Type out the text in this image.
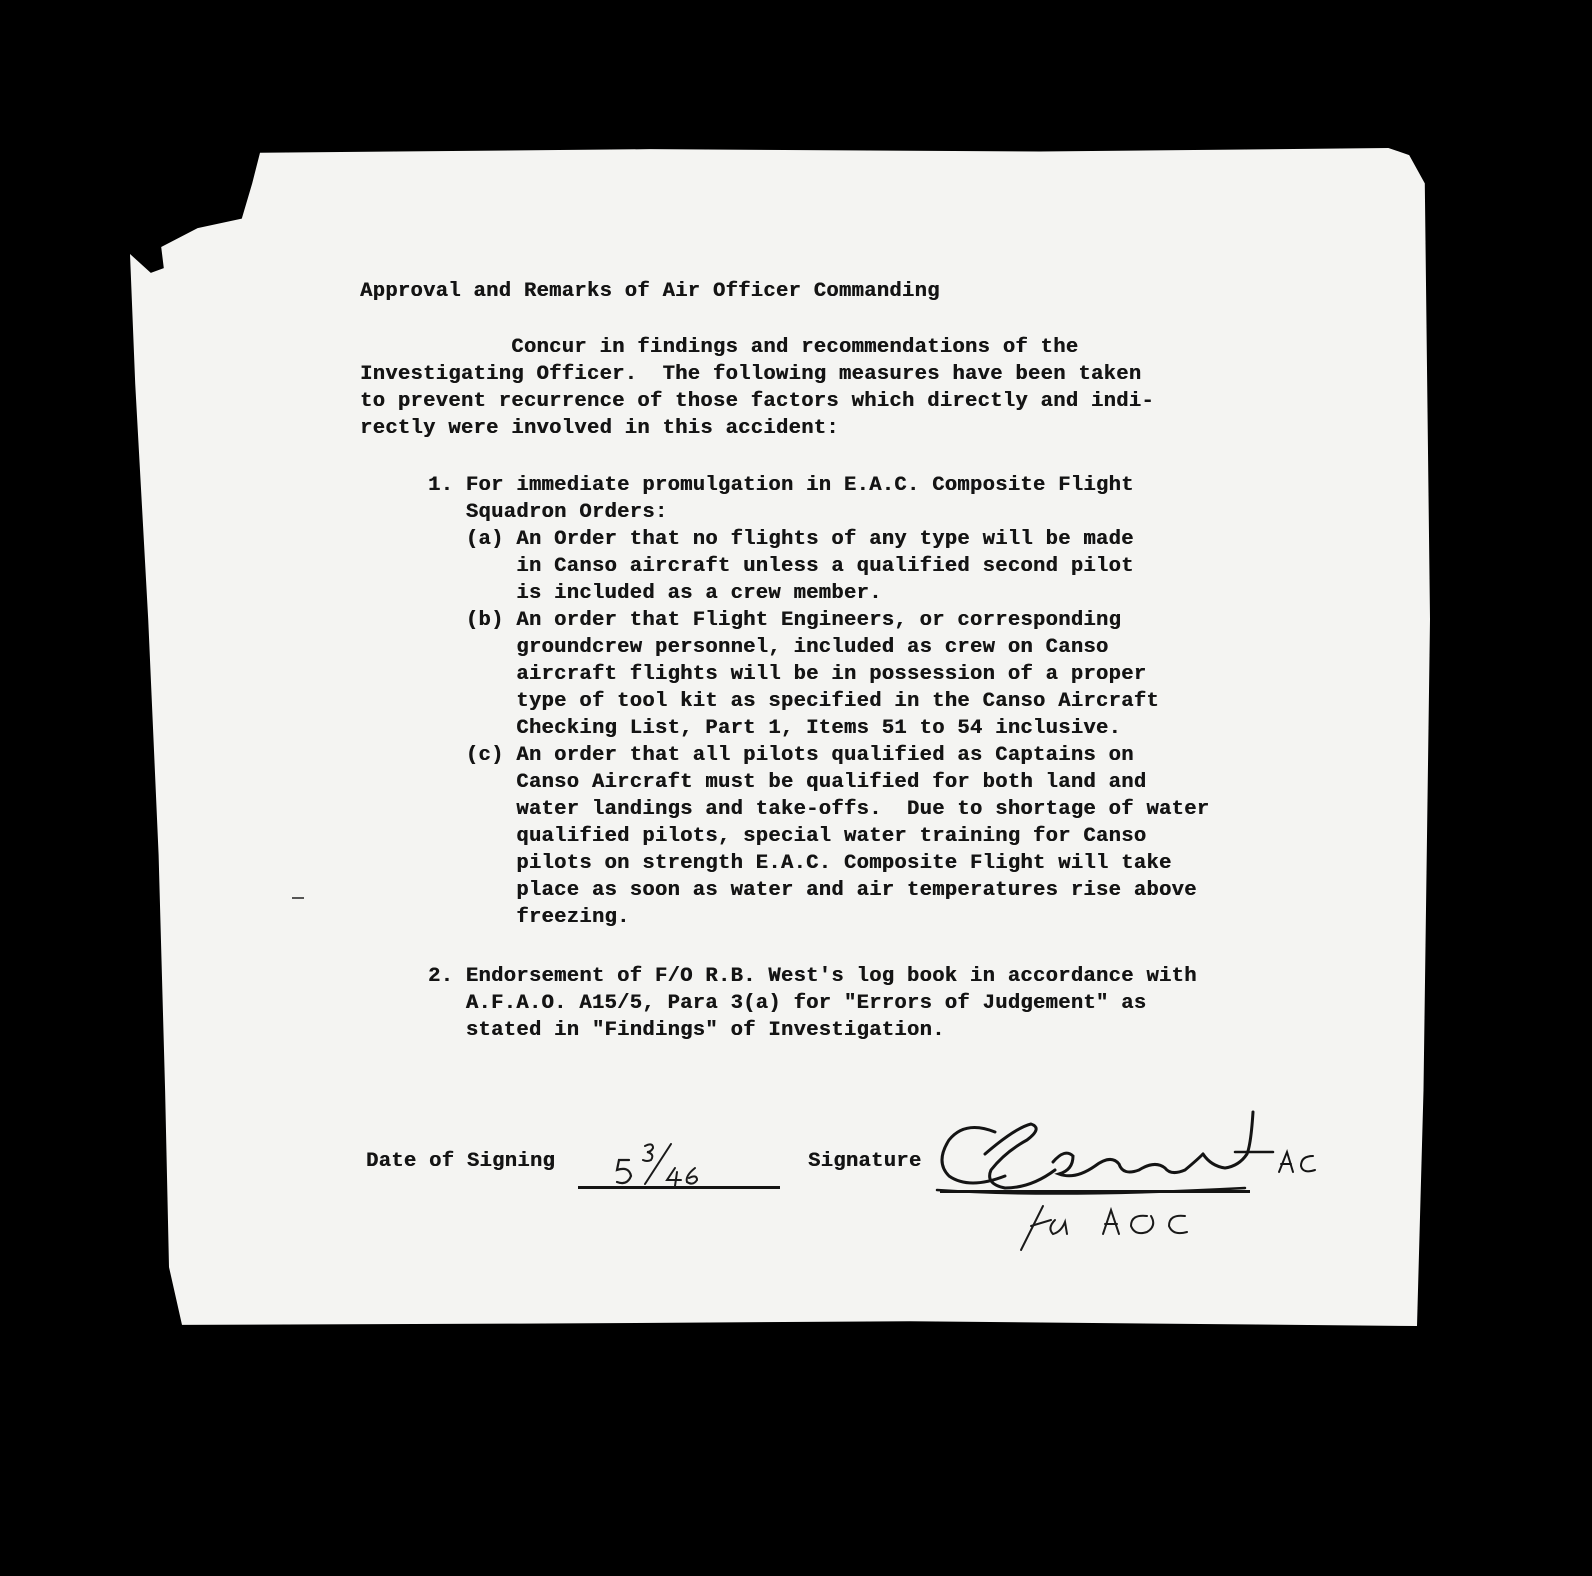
Approval and Remarks of Air Officer Commanding
Concur in findings and recommendations of the
Investigating Officer.  The following measures have been taken
to prevent recurrence of those factors which directly and indi-
rectly were involved in this accident:
1. For immediate promulgation in E.A.C. Composite Flight
Squadron Orders:
(a) An Order that no flights of any type will be made
in Canso aircraft unless a qualified second pilot
is included as a crew member.
(b) An order that Flight Engineers, or corresponding
groundcrew personnel, included as crew on Canso
aircraft flights will be in possession of a proper
type of tool kit as specified in the Canso Aircraft
Checking List, Part 1, Items 51 to 54 inclusive.
(c) An order that all pilots qualified as Captains on
Canso Aircraft must be qualified for both land and
water landings and take-offs.  Due to shortage of water
qualified pilots, special water training for Canso
pilots on strength E.A.C. Composite Flight will take
place as soon as water and air temperatures rise above
freezing.
2. Endorsement of F/O R.B. West's log book in accordance with
A.F.A.O. A15/5, Para 3(a) for "Errors of Judgement" as
stated in "Findings" of Investigation.
Date of Signing	Signature
